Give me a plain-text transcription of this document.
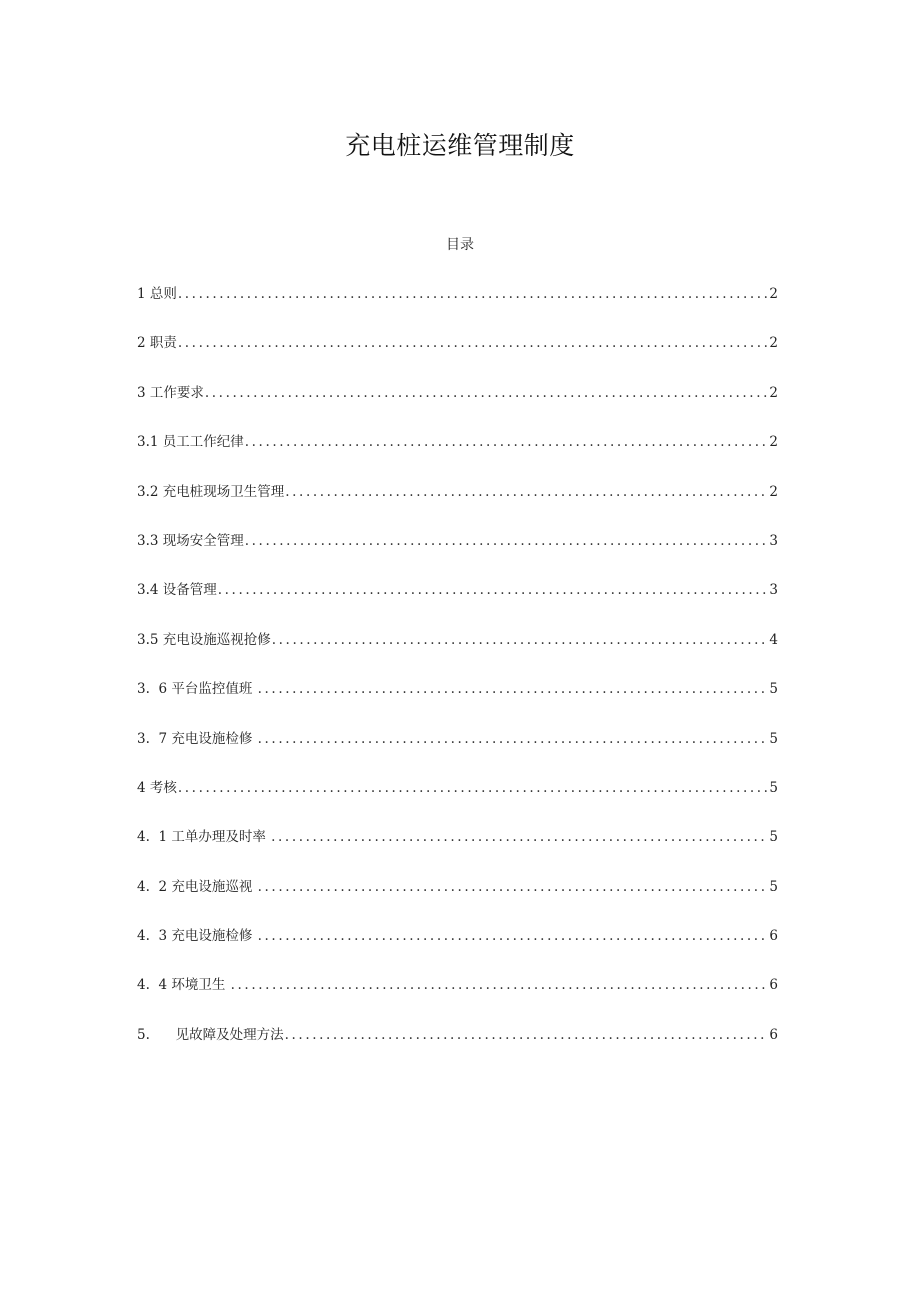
充电桩运维管理制度
目录
1 总则 .....	2
2 职责 .....	2
3 工作要求 .....	2
3.1 员工工作纪律 .....	2
3.2 充电桩现场卫生管理 .....	2
3.3 现场安全管理 .....	3
3.4 设备管理 .....	3
3.5 充电设施巡视抢修 .....	4
3.  6 平台监控值班 .....	5
3.  7 充电设施检修 .....	5
4 考核 .....	5
4.  1 工单办理及时率 .....	5
4.  2 充电设施巡视 .....	5
4.  3 充电设施检修 .....	6
4.  4 环境卫生 .....	6
5.      见故障及处理方法 .....	6
